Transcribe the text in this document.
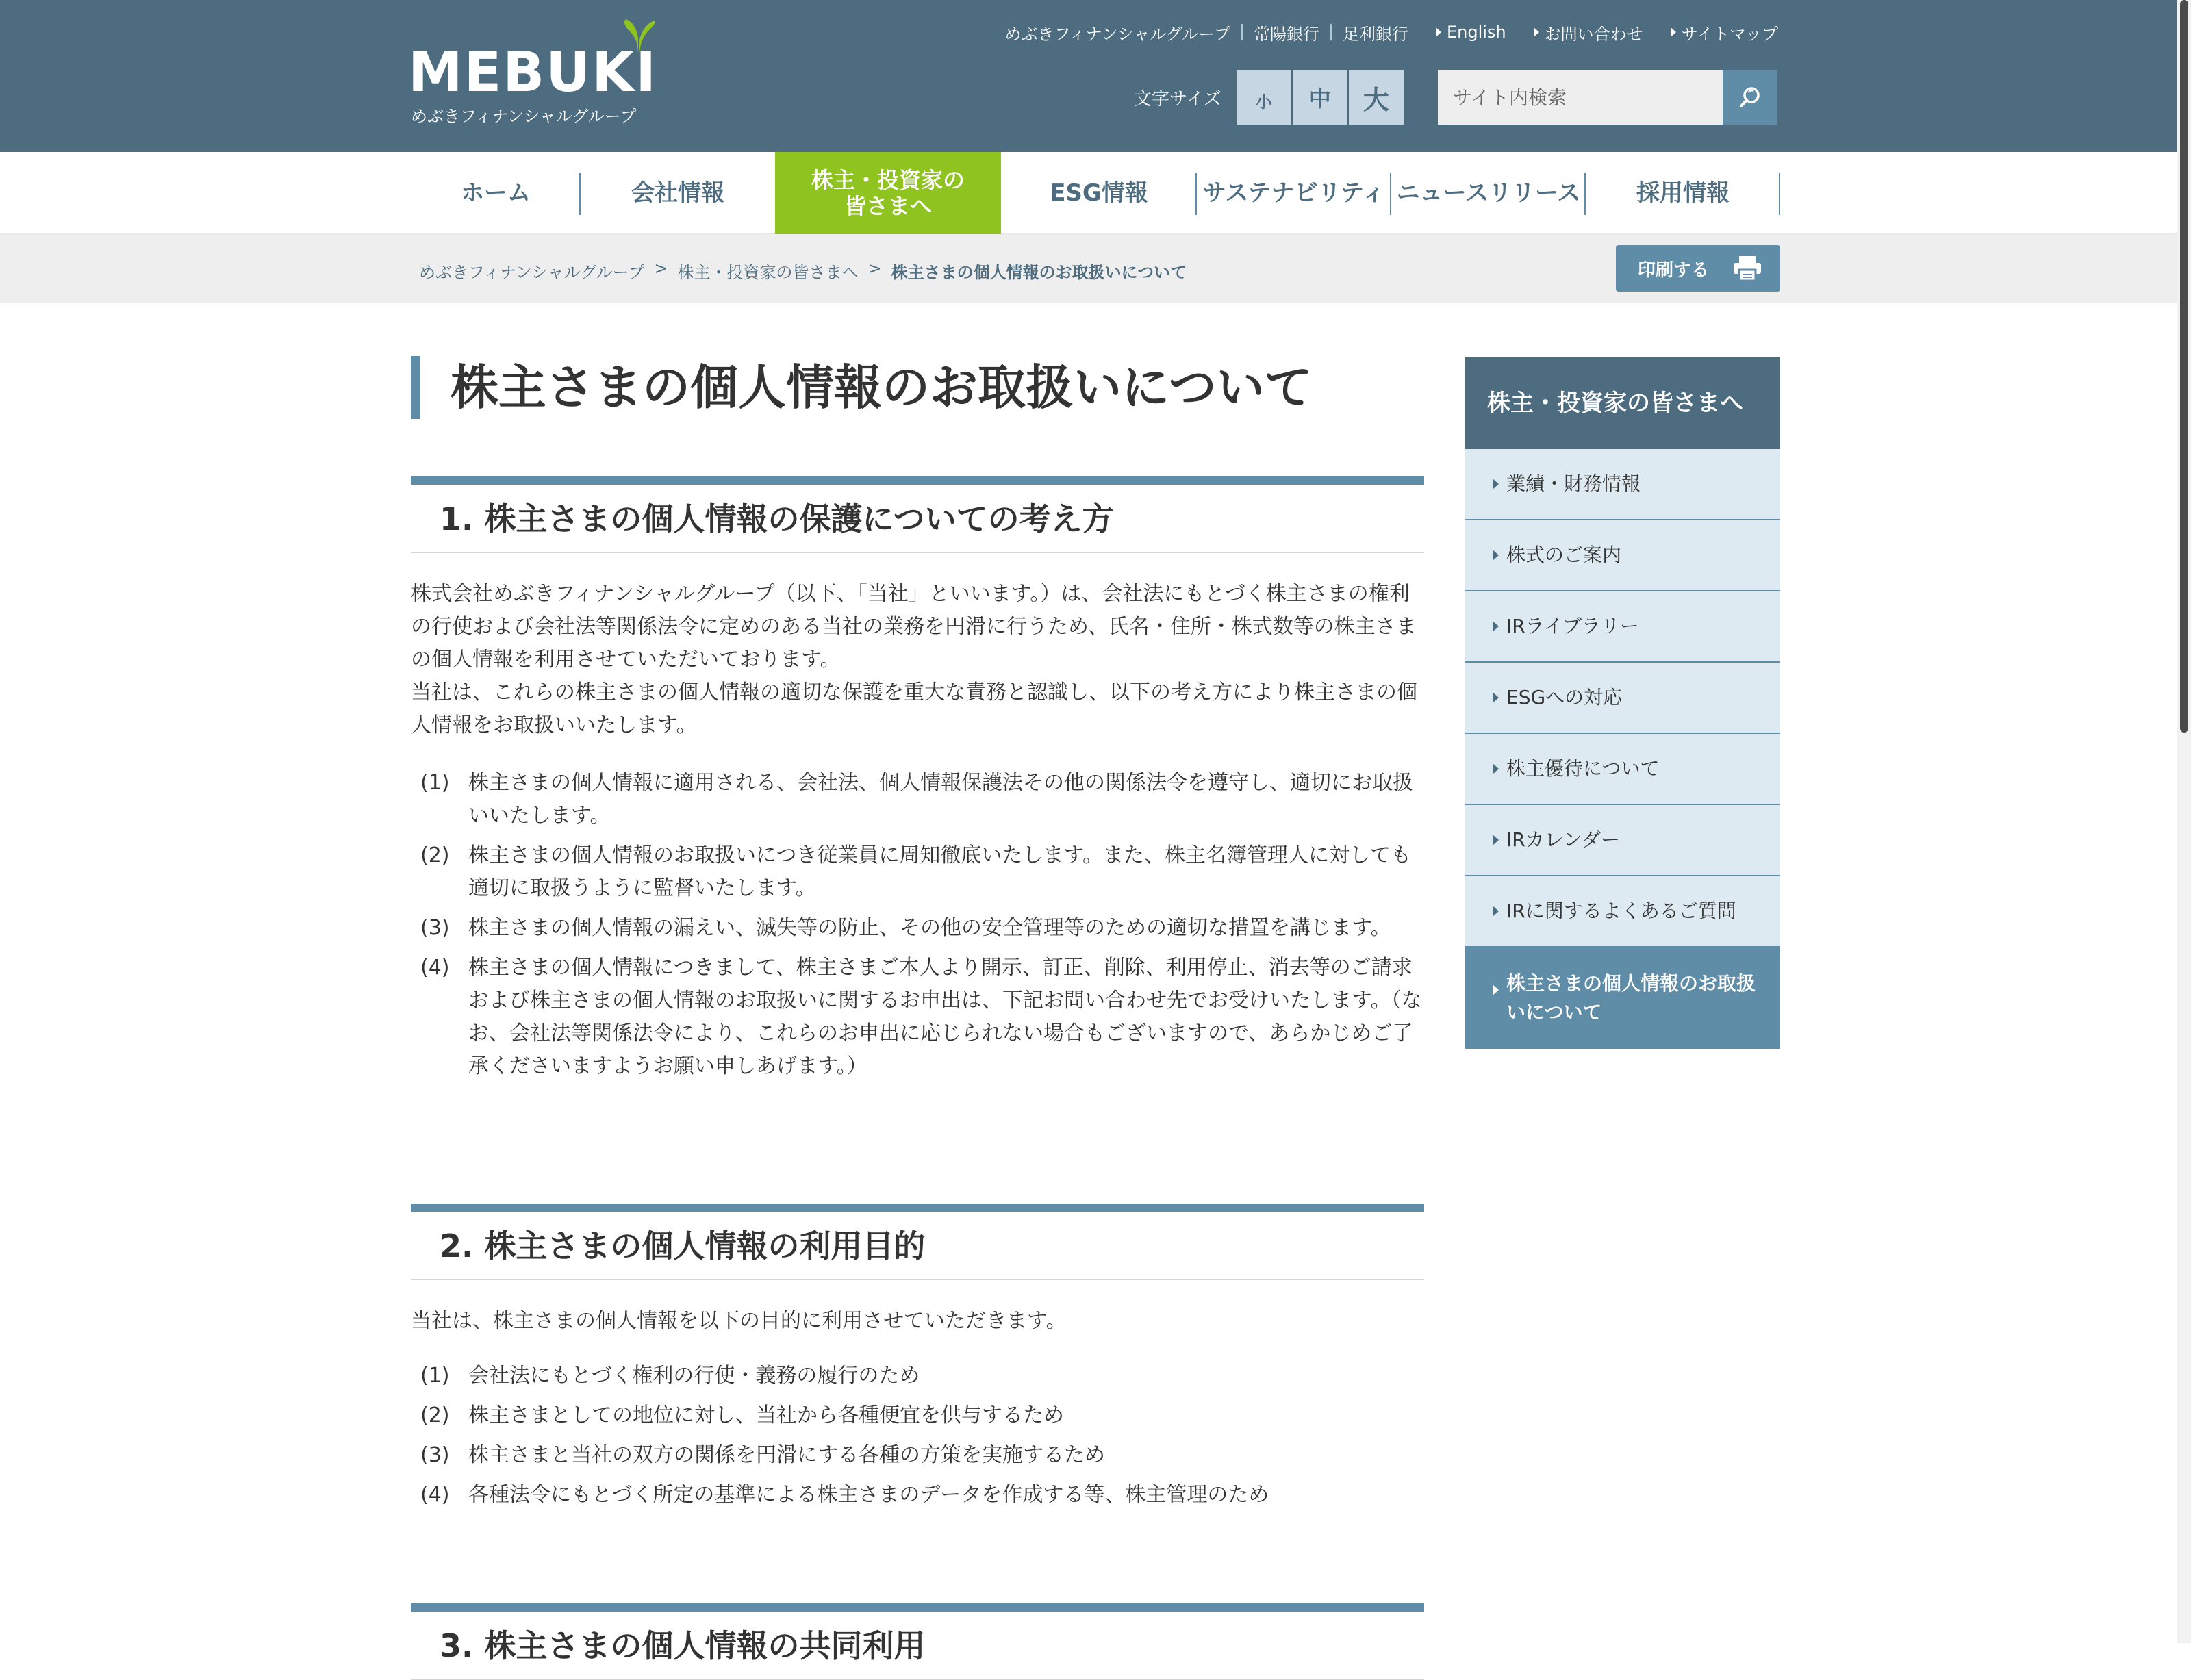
MEBUKI
めぶきフィナンシャルグループ
めぶきフィナンシャルグループ 常陽銀行 足利銀行 English お問い合わせ サイトマップ
文字サイズ	小	中	大
サイト内検索
ホーム	会社情報	株主・投資家の
皆さまへ	ESG情報	サステナビリティ ニュースリリース	採用情報
めぶきフィナンシャルグループ > 株主・投資家の皆さまへ > 株主さまの個人情報のお取扱いについて	印刷する
株主さまの個人情報のお取扱いについて
1. 株主さまの個人情報の保護についての考え方

株式会社めぶきフィナンシャルグループ（以下、「当社」といいます。）は、会社法にもとづく株主さまの権利の行使および会社法等関係法令に定めのある当社の業務を円滑に行うため、氏名・住所・株式数等の株主さまの個人情報を利用させていただいております。

当社は、これらの株主さまの個人情報の適切な保護を重大な責務と認識し、以下の考え方により株主さまの個人情報をお取扱いいたします。

(1) 株主さまの個人情報に適用される、会社法、個人情報保護法その他の関係法令を遵守し、適切にお取扱いいたします。
(2) 株主さまの個人情報のお取扱いにつき従業員に周知徹底いたします。また、株主名簿管理人に対しても適切に取扱うように監督いたします。
(3) 株主さまの個人情報の漏えい、滅失等の防止、その他の安全管理等のための適切な措置を講じます。
(4) 株主さまの個人情報につきまして、株主さまご本人より開示、訂正、削除、利用停止、消去等のご請求および株主さまの個人情報のお取扱いに関するお申出は、下記お問い合わせ先でお受けいたします。（なお、会社法等関係法令により、これらのお申出に応じられない場合もございますので、あらかじめご了承くださいますようお願い申しあげます。）
2. 株主さまの個人情報の利用目的

当社は、株主さまの個人情報を以下の目的に利用させていただきます。

(1) 会社法にもとづく権利の行使・義務の履行のため
(2) 株主さまとしての地位に対し、当社から各種便宜を供与するため
(3) 株主さまと当社の双方の関係を円滑にする各種の方策を実施するため
(4) 各種法令にもとづく所定の基準による株主さまのデータを作成する等、株主管理のため
3. 株主さまの個人情報の共同利用
株主・投資家の皆さまへ
業績・財務情報
株式のご案内
IRライブラリー
ESGへの対応
株主優待について
IRカレンダー
IRに関するよくあるご質問
株主さまの個人情報のお取扱いについて
